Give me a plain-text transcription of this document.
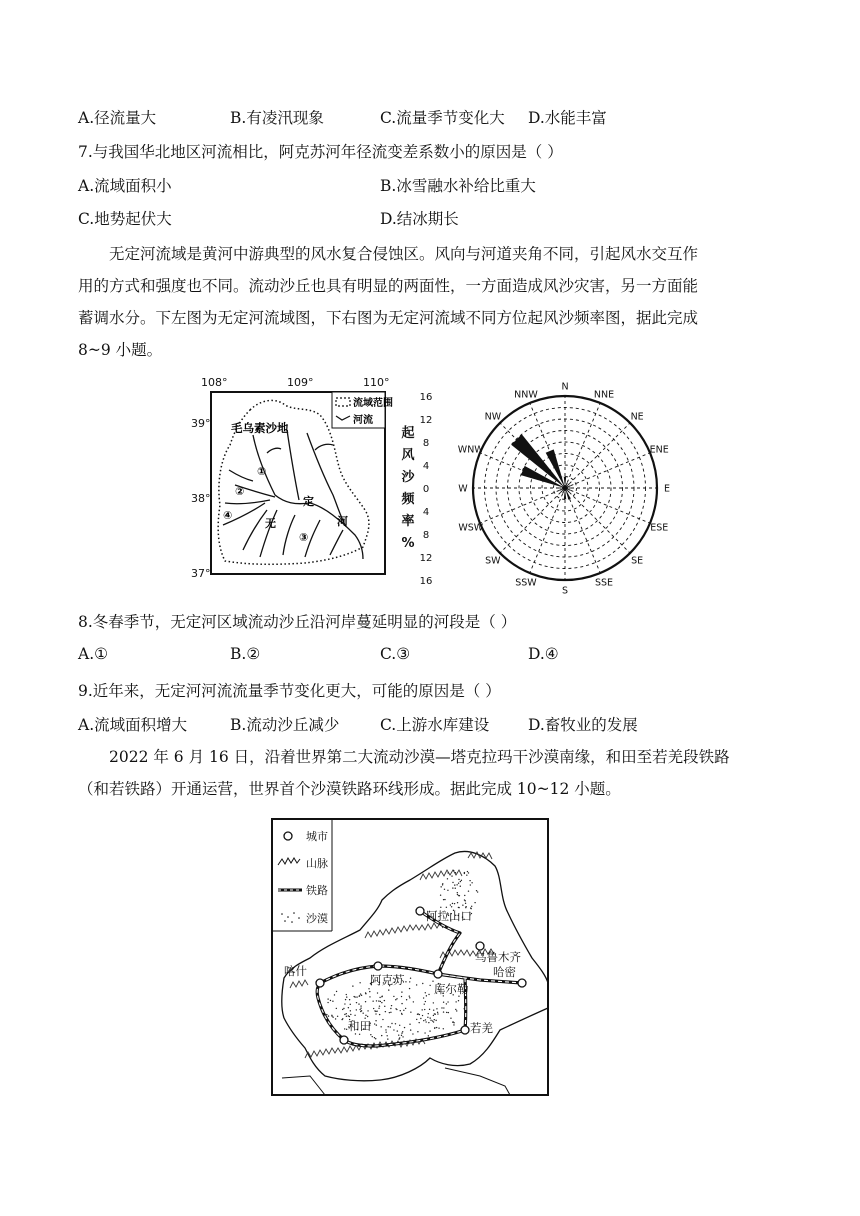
A.径流量大	B.有凌汛现象	C.流量季节变化大 D.水能丰富
7.与我国华北地区河流相比，阿克苏河年径流变差系数小的原因是（ ）
A.流域面积小	B.冰雪融水补给比重大
C.地势起伏大	D.结冰期长
无定河流域是黄河中游典型的风水复合侵蚀区。风向与河道夹角不同，引起风水交互作
用的方式和强度也不同。流动沙丘也具有明显的两面性，一方面造成风沙灾害，另一方面能
蓄调水分。下左图为无定河流域图，下右图为无定河流域不同方位起风沙频率图，据此完成
8~9 小题。
108°	109°	110°
39°
38°
37°
流域范围
河流
毛乌素沙地
①
②
③
④
无
定
河
16
12
8
4
0
4
8
12
16
起
风
沙
频
率
%
N
NNE
NE
ENE
E
ESE
SE
SSE
S
SSW
SW
WSW
W
WNW
NW
NNW
8.冬春季节，无定河区域流动沙丘沿河岸蔓延明显的河段是（ ）
A.①	B.②	C.③	D.④
9.近年来，无定河河流流量季节变化更大，可能的原因是（ ）
A.流域面积增大	B.流动沙丘减少	C.上游水库建设	D.畜牧业的发展
2022 年 6 月 16 日，沿着世界第二大流动沙漠—塔克拉玛干沙漠南缘，和田至若羌段铁路
（和若铁路）开通运营，世界首个沙漠铁路环线形成。据此完成 10~12 小题。
城市
山脉
铁路
沙漠	阿拉山口
乌鲁木齐
哈密
喀什
阿克苏
库尔勒
和田	若羌
